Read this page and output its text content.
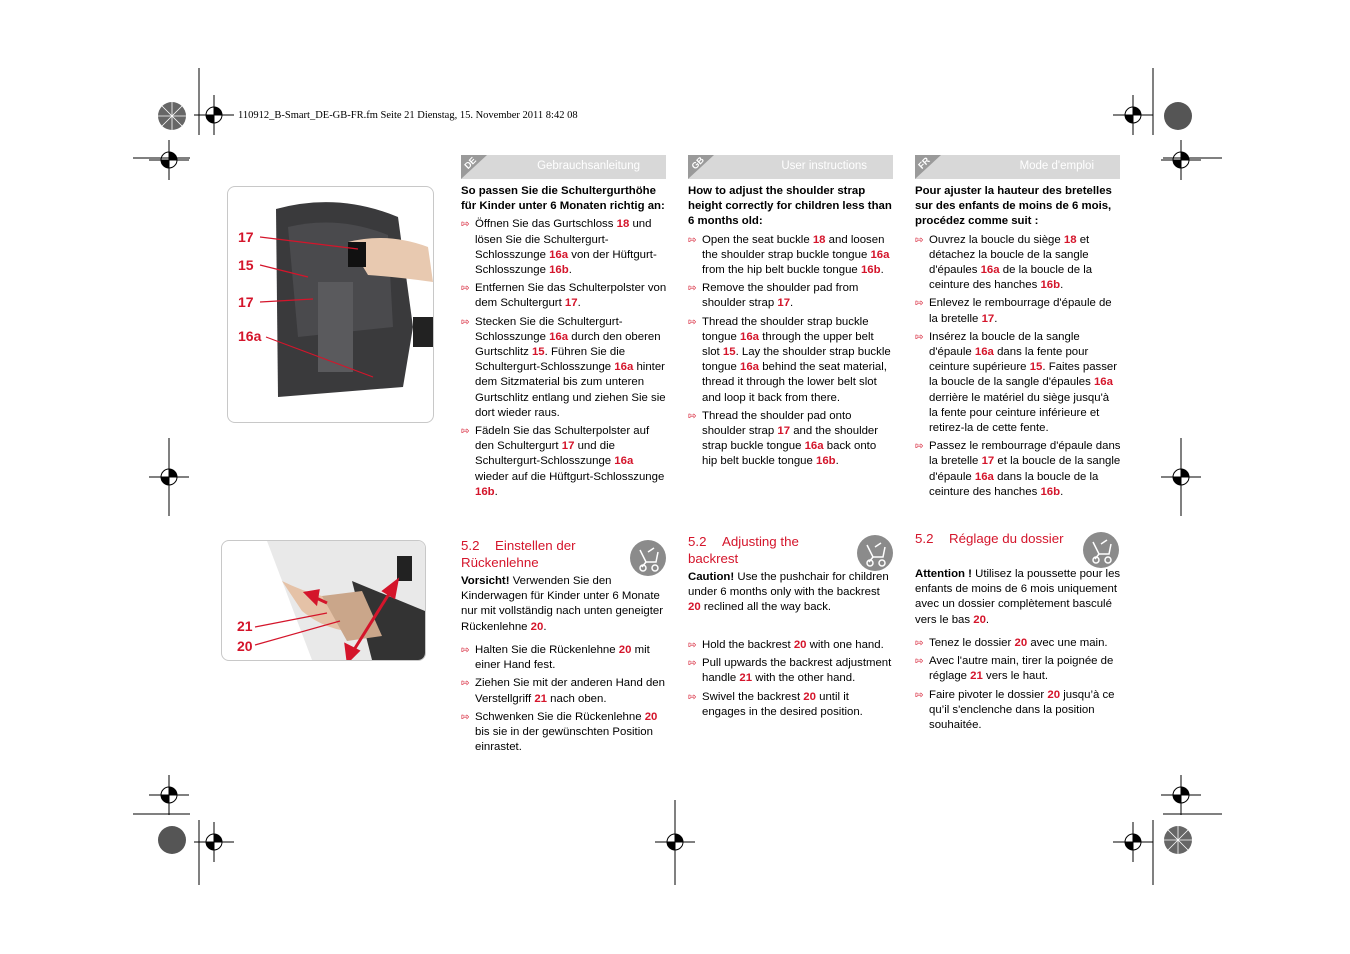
110912_B-Smart_DE-GB-FR.fm Seite 21 Dienstag, 15. November 2011 8:42 08
17
15
17
16a
21
20
DE	Gebrauchsanleitung

So passen Sie die Schultergurthöhe für Kinder unter 6 Monaten richtig an:

⇰ Öffnen Sie das Gurtschloss 18 und lösen Sie die Schultergurt-Schlosszunge 16a von der Hüftgurt-Schlosszunge 16b.
⇰ Entfernen Sie das Schulterpolster von dem Schultergurt 17.
⇰ Stecken Sie die Schultergurt-Schlosszunge 16a durch den oberen Gurtschlitz 15. Führen Sie die Schultergurt-Schlosszunge 16a hinter dem Sitzmaterial bis zum unteren Gurtschlitz entlang und ziehen Sie sie dort wieder raus.
⇰ Fädeln Sie das Schulterpolster auf den Schultergurt 17 und die Schultergurt-Schlosszunge 16a wieder auf die Hüftgurt-Schlosszunge 16b.
5.2 Einstellen der Rückenlehne
Vorsicht! Verwenden Sie den Kinderwagen für Kinder unter 6 Monate nur mit vollständig nach unten geneigter Rückenlehne 20.
⇰ Halten Sie die Rückenlehne 20 mit einer Hand fest.
⇰ Ziehen Sie mit der anderen Hand den Verstellgriff 21 nach oben.
⇰ Schwenken Sie die Rückenlehne 20 bis sie in der gewünschten Position einrastet.
GB	User instructions

How to adjust the shoulder strap height correctly for children less than 6 months old:

⇰ Open the seat buckle 18 and loosen the shoulder strap buckle tongue 16a from the hip belt buckle tongue 16b.
⇰ Remove the shoulder pad from shoulder strap 17.
⇰ Thread the shoulder strap buckle tongue 16a through the upper belt slot 15. Lay the shoulder strap buckle tongue 16a behind the seat material, thread it through the lower belt slot and loop it back from there.
⇰ Thread the shoulder pad onto shoulder strap 17 and the shoulder strap buckle tongue 16a back onto hip belt buckle tongue 16b.
5.2 Adjusting the backrest
Caution! Use the pushchair for children under 6 months only with the backrest 20 reclined all the way back.
⇰ Hold the backrest 20 with one hand.
⇰ Pull upwards the backrest adjustment handle 21 with the other hand.
⇰ Swivel the backrest 20 until it engages in the desired position.
FR	Mode d'emploi

Pour ajuster la hauteur des bretelles sur des enfants de moins de 6 mois, procédez comme suit :

⇰ Ouvrez la boucle du siège 18 et détachez la boucle de la sangle d'épaules 16a de la boucle de la ceinture des hanches 16b.
⇰ Enlevez le rembourrage d'épaule de la bretelle 17.
⇰ Insérez la boucle de la sangle d'épaule 16a dans la fente pour ceinture supérieure 15. Faites passer la boucle de la sangle d'épaules 16a derrière le matériel du siège jusqu'à la fente pour ceinture inférieure et retirez-la de cette fente.
⇰ Passez le rembourrage d'épaule dans la bretelle 17 et la boucle de la sangle d'épaule 16a dans la boucle de la ceinture des hanches 16b.
5.2 Réglage du dossier
Attention ! Utilisez la poussette pour les enfants de moins de 6 mois uniquement avec un dossier complètement basculé vers le bas 20.
⇰ Tenez le dossier 20 avec une main.
⇰ Avec l'autre main, tirer la poignée de réglage 21 vers le haut.
⇰ Faire pivoter le dossier 20 jusqu’à ce qu’il s'enclenche dans la position souhaitée.
